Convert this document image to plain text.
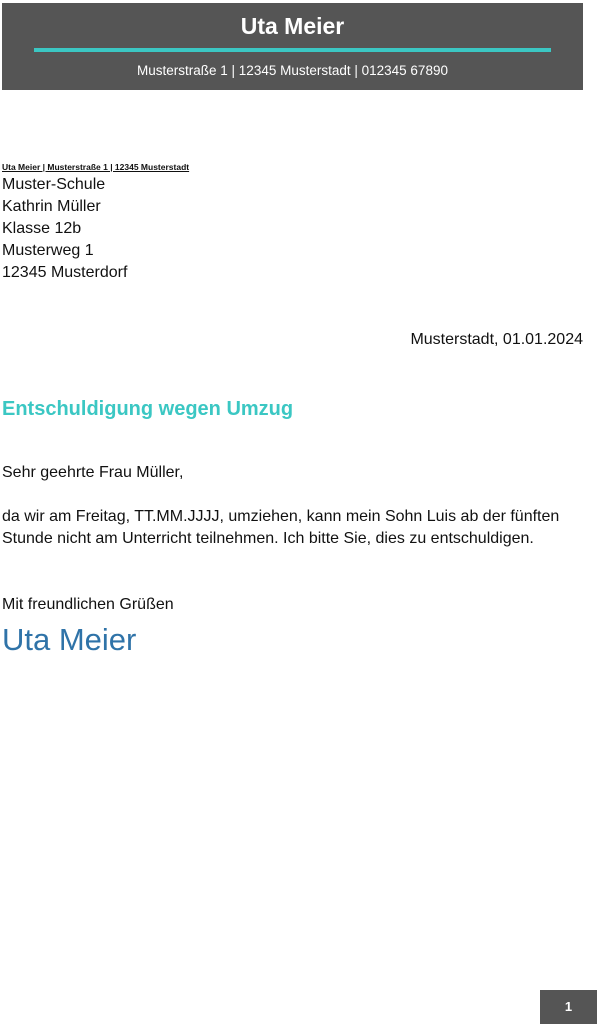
Uta Meier
Musterstraße 1 | 12345 Musterstadt | 012345 67890
Uta Meier | Musterstraße 1 | 12345 Musterstadt
Muster-Schule
Kathrin Müller
Klasse 12b
Musterweg 1
12345 Musterdorf
Musterstadt, 01.01.2024
Entschuldigung wegen Umzug
Sehr geehrte Frau Müller,
da wir am Freitag, TT.MM.JJJJ, umziehen, kann mein Sohn Luis ab der fünften
Stunde nicht am Unterricht teilnehmen. Ich bitte Sie, dies zu entschuldigen.
Mit freundlichen Grüßen
Uta Meier
1
